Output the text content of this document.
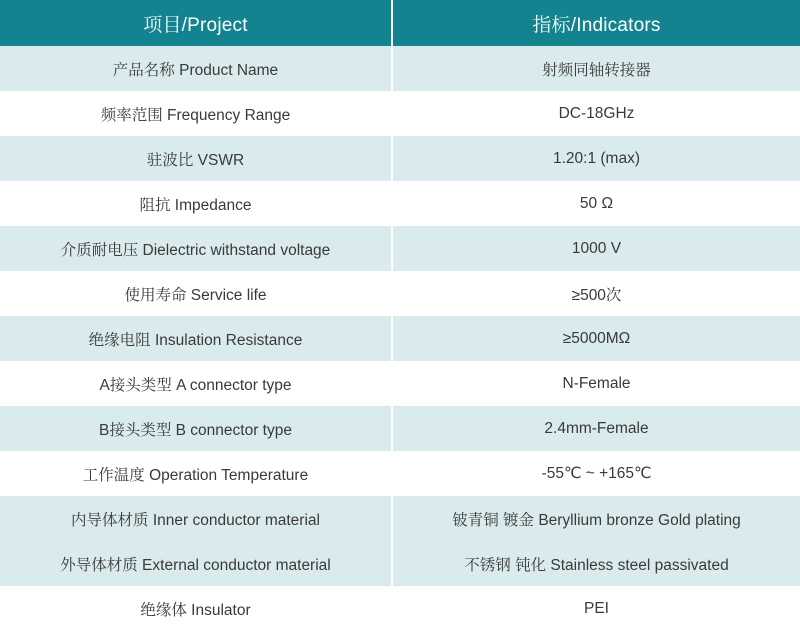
项目/Project	指标/Indicators
产品名称 Product Name	射频同轴转接器
频率范围 Frequency Range	DC-18GHz
驻波比 VSWR	1.20:1 (max)
阻抗 Impedance	50 Ω
介质耐电压 Dielectric withstand voltage	1000 V
使用寿命 Service life	≥500次
绝缘电阻 Insulation Resistance	≥5000MΩ
A接头类型 A connector type	N-Female
B接头类型 B connector type	2.4mm-Female
工作温度 Operation Temperature	-55℃ ~ +165℃
内导体材质 Inner conductor material	铍青铜 镀金 Beryllium bronze Gold plating
外导体材质 External conductor material	不锈钢 钝化 Stainless steel passivated
绝缘体 Insulator	PEI
